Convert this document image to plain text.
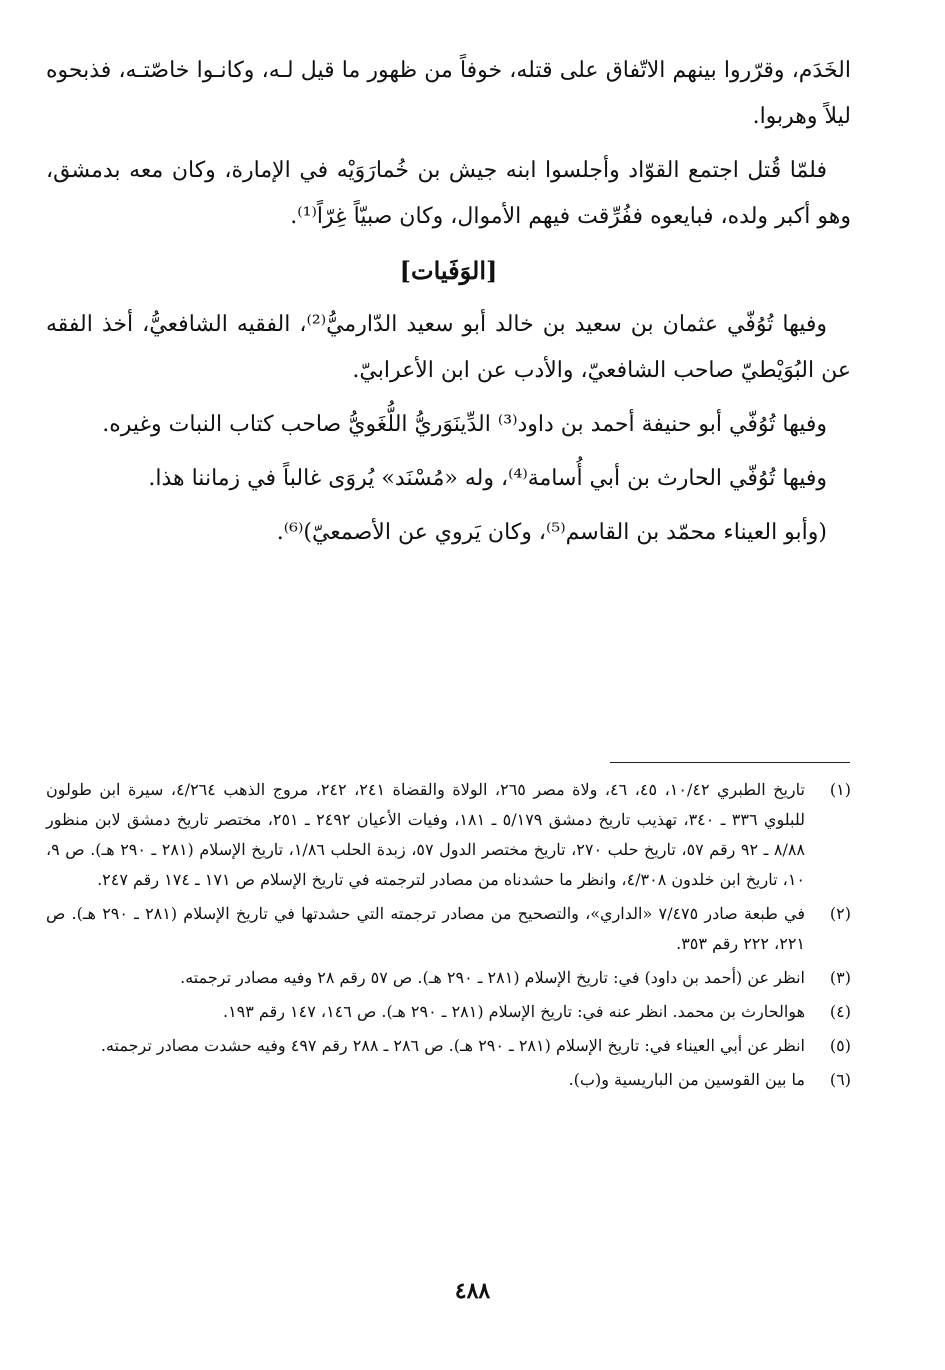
الخَدَم، وقرّروا بينهم الاتّفاق على قتله، خوفاً من ظهور ما قيل لـه، وكانـوا خاصّتـه، فذبحوه ليلاً وهربوا.

فلمّا قُتل اجتمع القوّاد وأجلسوا ابنه جيش بن خُمارَوَيْه في الإمارة، وكان معه بدمشق، وهو أكبر ولده، فبايعوه ففُرِّقت فيهم الأموال، وكان صبيّاً غِرّاً⁽¹⁾.

[الوَفَيات]

وفيها تُوُفّي عثمان بن سعيد بن خالد أبو سعيد الدّارميُّ⁽²⁾، الفقيه الشافعيُّ، أخذ الفقه عن البُوَيْطيّ صاحب الشافعيّ، والأدب عن ابن الأعرابيّ.

وفيها تُوُفّي أبو حنيفة أحمد بن داود⁽³⁾ الدِّينَوَريُّ اللُّغَويُّ صاحب كتاب النبات وغيره.

وفيها تُوُفّي الحارث بن أبي أُسامة⁽⁴⁾، وله «مُسْنَد» يُروَى غالباً في زماننا هذا.

(وأبو العيناء محمّد بن القاسم⁽⁵⁾، وكان يَروي عن الأصمعيّ)⁽⁶⁾.

(١)
تاريخ الطبري ١٠/٤٢، ٤٥، ٤٦، ولاة مصر ٢٦٥، الولاة والقضاة ٢٤١، ٢٤٢، مروج الذهب ٤/٢٦٤، سيرة ابن طولون للبلوي ٣٣٦ ـ ٣٤٠، تهذيب تاريخ دمشق ٥/١٧٩ ـ ١٨١، وفيات الأعيان ٢٤٩٢ ـ ٢٥١، مختصر تاريخ دمشق لابن منظور ٨/٨٨ ـ ٩٢ رقم ٥٧، تاريخ حلب ٢٧٠، تاريخ مختصر الدول ٥٧، زبدة الحلب ١/٨٦، تاريخ الإسلام (٢٨١ ـ ٢٩٠ هـ). ص ٩، ١٠، تاريخ ابن خلدون ٤/٣٠٨، وانظر ما حشدناه من مصادر لترجمته في تاريخ الإسلام ص ١٧١ ـ ١٧٤ رقم ٢٤٧.
(٢)
في طبعة صادر ٧/٤٧٥ «الداري»، والتصحيح من مصادر ترجمته التي حشدتها في تاريخ الإسلام (٢٨١ ـ ٢٩٠ هـ). ص ٢٢١، ٢٢٢ رقم ٣٥٣.
(٣)
انظر عن (أحمد بن داود) في: تاريخ الإسلام (٢٨١ ـ ٢٩٠ هـ). ص ٥٧ رقم ٢٨ وفيه مصادر ترجمته.
(٤)
هوالحارث بن محمد. انظر عنه في: تاريخ الإسلام (٢٨١ ـ ٢٩٠ هـ). ص ١٤٦، ١٤٧ رقم ١٩٣.
(٥)
انظر عن أبي العيناء في: تاريخ الإسلام (٢٨١ ـ ٢٩٠ هـ). ص ٢٨٦ ـ ٢٨٨ رقم ٤٩٧ وفيه حشدت مصادر ترجمته.
(٦)
ما بين القوسين من الباريسية و(ب).
٤٨٨
